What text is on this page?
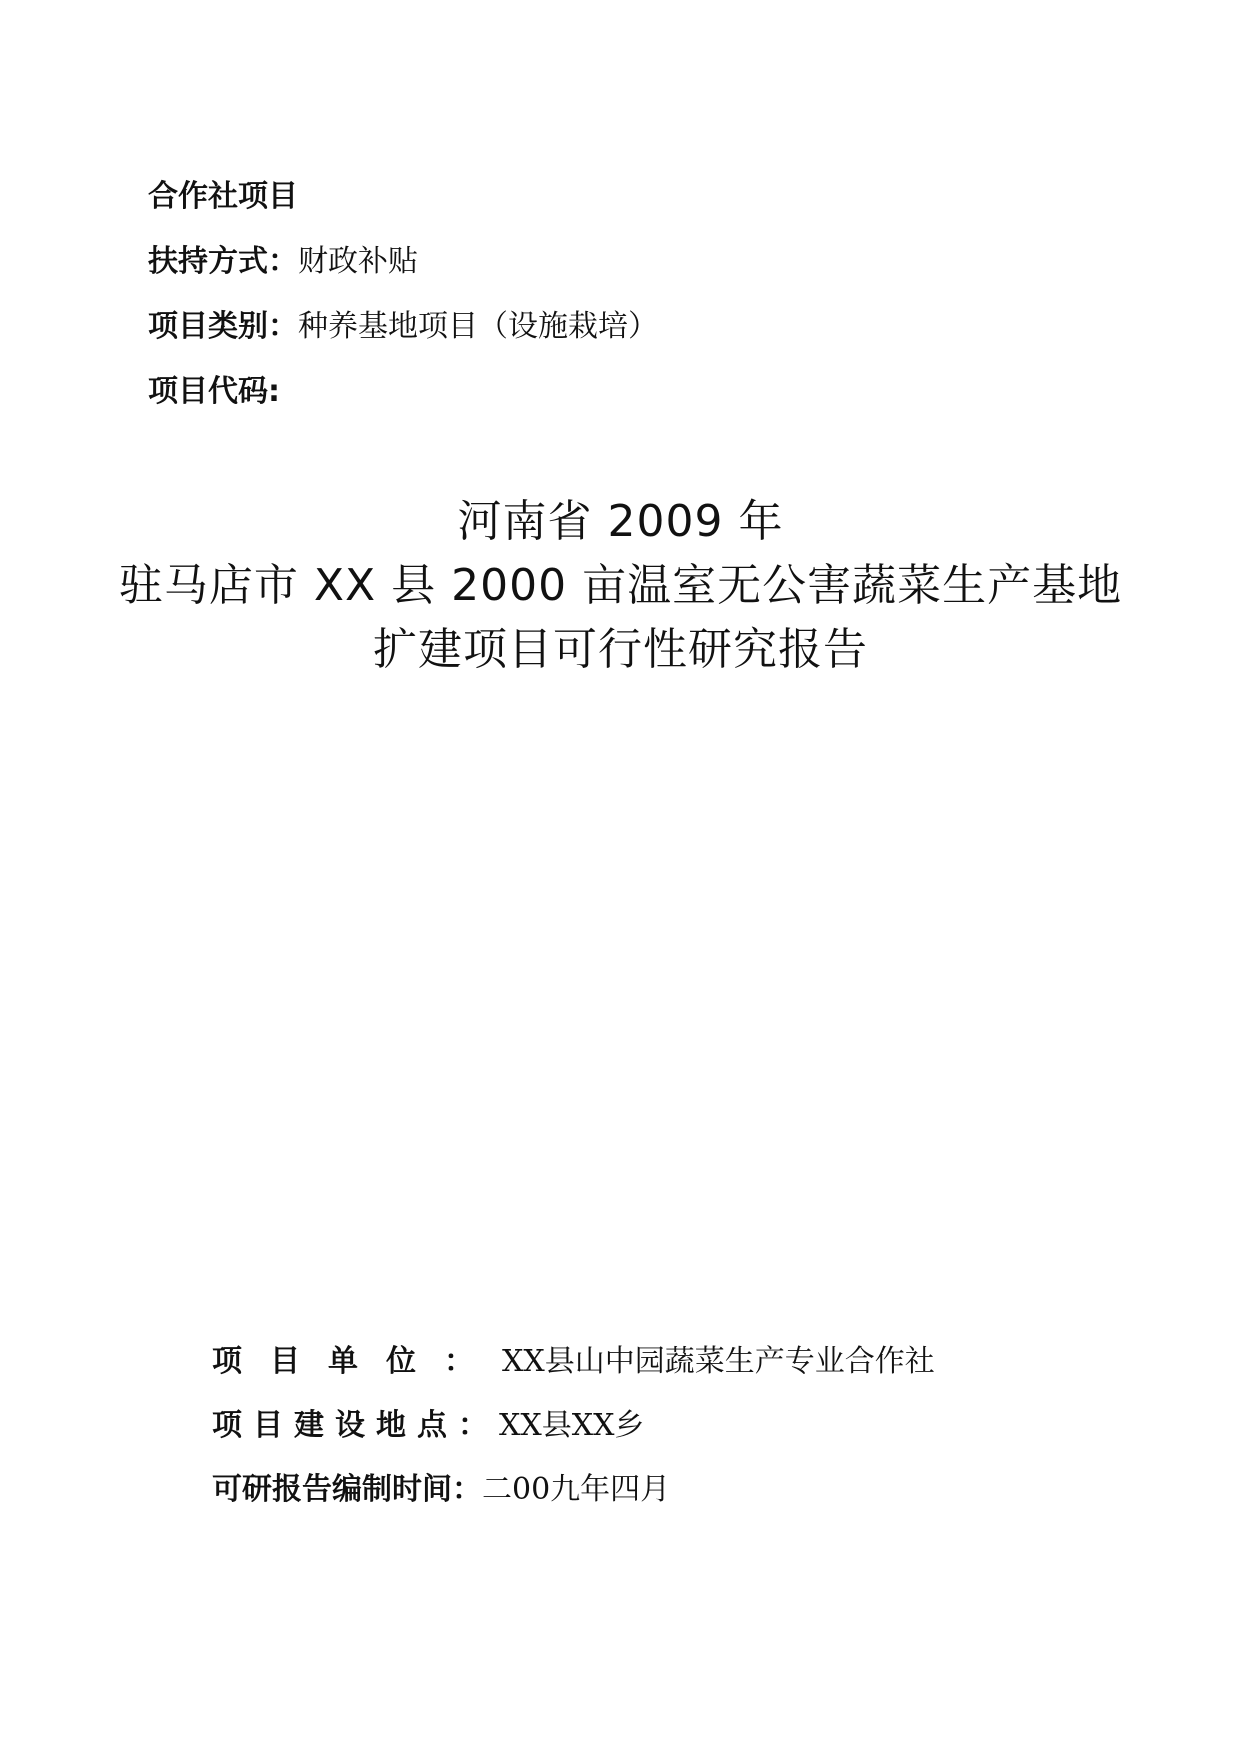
合作社项目
扶持方式：财政补贴
项目类别：种养基地项目（设施栽培）
项目代码:
河南省 2009 年
驻马店市 XX 县 2000 亩温室无公害蔬菜生产基地
扩建项目可行性研究报告
项目单位：XX县山中园蔬菜生产专业合作社
项目建设地点：XX县XX乡
可研报告编制时间：二00九年四月
